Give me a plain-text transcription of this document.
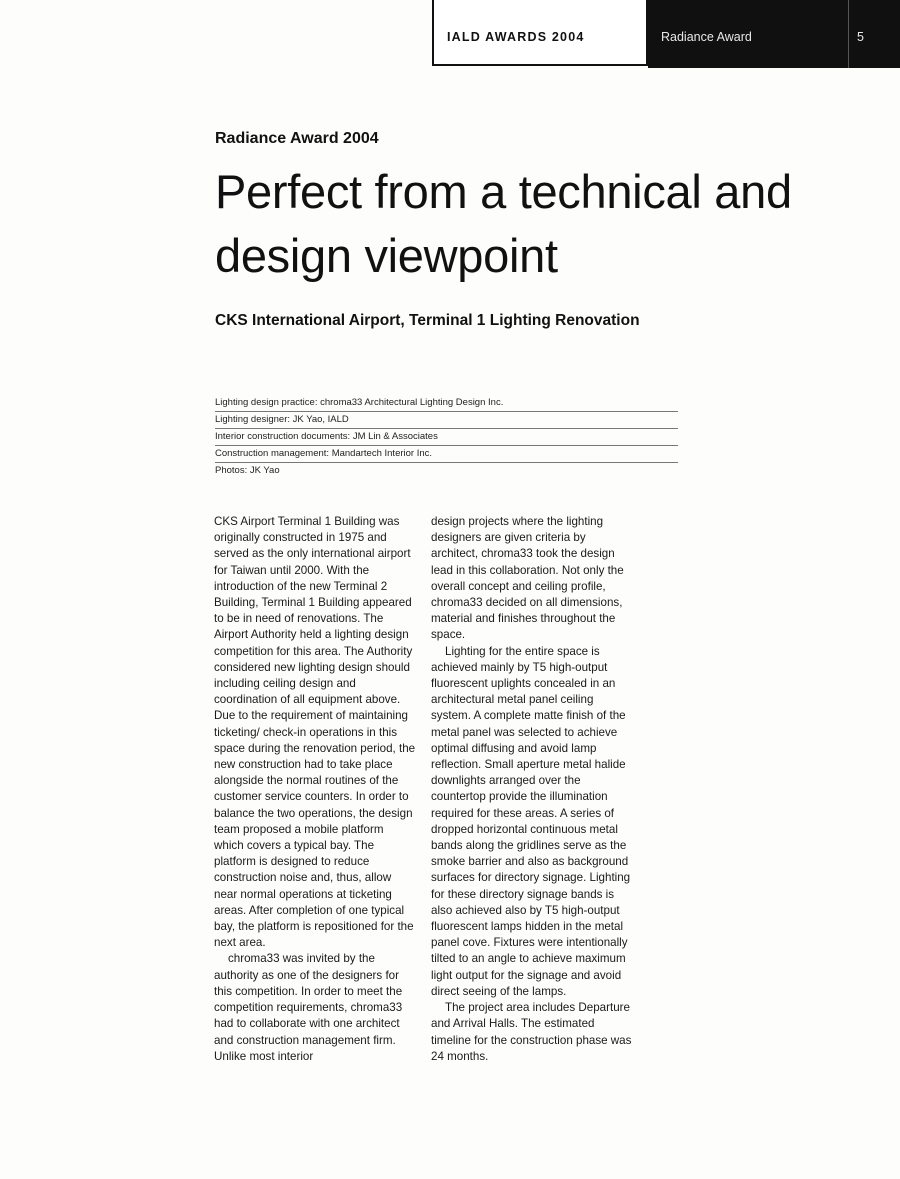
IALD AWARDS 2004	Radiance Award	5
Radiance Award 2004
Perfect from a technical and design viewpoint
CKS International Airport, Terminal 1 Lighting Renovation
Lighting design practice: chroma33 Architectural Lighting Design Inc.
Lighting designer: JK Yao, IALD
Interior construction documents: JM Lin & Associates
Construction management: Mandartech Interior Inc.
Photos: JK Yao

CKS Airport Terminal 1 Building was originally constructed in 1975 and served as the only international airport for Taiwan until 2000. With the introduction of the new Terminal 2 Building, Terminal 1 Building appeared to be in need of renovations. The Airport Authority held a lighting design competition for this area. The Authority considered new lighting design should including ceiling design and coordination of all equipment above. Due to the requirement of maintaining ticketing/ check-in operations in this space during the renovation period, the new construction had to take place alongside the normal routines of the customer service counters. In order to balance the two operations, the design team proposed a mobile platform which covers a typical bay. The platform is designed to reduce construction noise and, thus, allow near normal operations at ticketing areas. After completion of one typical bay, the platform is repositioned for the next area.

chroma33 was invited by the authority as one of the designers for this competition. In order to meet the competition requirements, chroma33 had to collaborate with one architect and construction management firm. Unlike most interior

design projects where the lighting designers are given criteria by architect, chroma33 took the design lead in this collaboration. Not only the overall concept and ceiling profile, chroma33 decided on all dimensions, material and finishes throughout the space.

Lighting for the entire space is achieved mainly by T5 high-output fluorescent uplights concealed in an architectural metal panel ceiling system. A complete matte finish of the metal panel was selected to achieve optimal diffusing and avoid lamp reflection. Small aperture metal halide downlights arranged over the countertop provide the illumination required for these areas. A series of dropped horizontal continuous metal bands along the gridlines serve as the smoke barrier and also as background surfaces for directory signage. Lighting for these directory signage bands is also achieved also by T5 high-output fluorescent lamps hidden in the metal panel cove. Fixtures were intentionally tilted to an angle to achieve maximum light output for the signage and avoid direct seeing of the lamps.

The project area includes Departure and Arrival Halls. The estimated timeline for the construction phase was 24 months.
